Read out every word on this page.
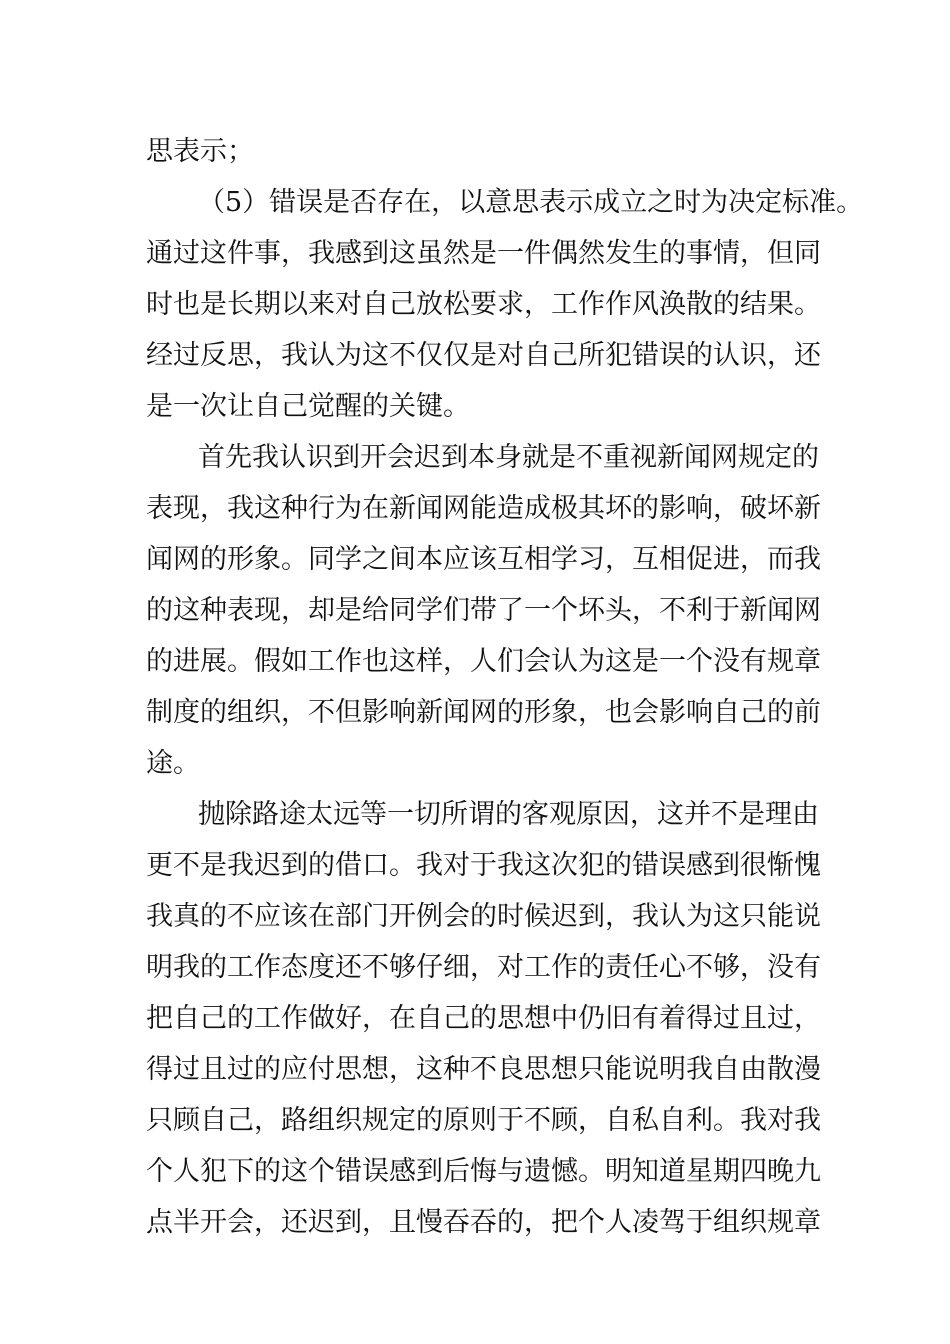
思表示；
（5）错误是否存在，以意思表示成立之时为决定标准。
通过这件事，我感到这虽然是一件偶然发生的事情，但同
时也是长期以来对自己放松要求，工作作风涣散的结果。
经过反思，我认为这不仅仅是对自己所犯错误的认识，还
是一次让自己觉醒的关键。
首先我认识到开会迟到本身就是不重视新闻网规定的
表现，我这种行为在新闻网能造成极其坏的影响，破坏新
闻网的形象。同学之间本应该互相学习，互相促进，而我
的这种表现，却是给同学们带了一个坏头，不利于新闻网
的进展。假如工作也这样，人们会认为这是一个没有规章
制度的组织，不但影响新闻网的形象，也会影响自己的前
途。
抛除路途太远等一切所谓的客观原因，这并不是理由
更不是我迟到的借口。我对于我这次犯的错误感到很惭愧
我真的不应该在部门开例会的时候迟到，我认为这只能说
明我的工作态度还不够仔细，对工作的责任心不够，没有
把自己的工作做好，在自己的思想中仍旧有着得过且过，
得过且过的应付思想，这种不良思想只能说明我自由散漫
只顾自己，路组织规定的原则于不顾，自私自利。我对我
个人犯下的这个错误感到后悔与遗憾。明知道星期四晚九
点半开会，还迟到，且慢吞吞的，把个人凌驾于组织规章
